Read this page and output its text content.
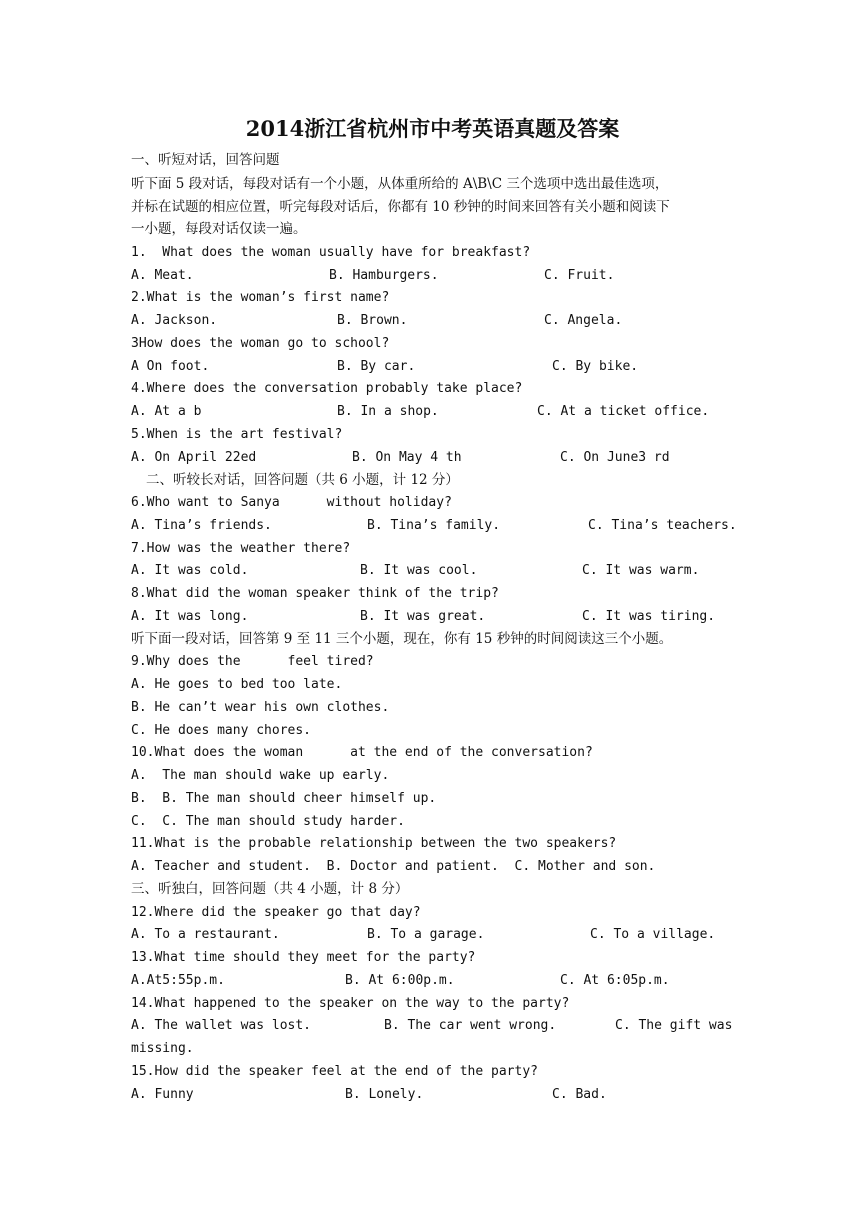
2014浙江省杭州市中考英语真题及答案
一、听短对话，回答问题
听下面 5 段对话，每段对话有一个小题，从体重所给的 A\B\C 三个选项中选出最佳选项，
并标在试题的相应位置，听完每段对话后，你都有 10 秒钟的时间来回答有关小题和阅读下
一小题，每段对话仅读一遍。
1.  What does the woman usually have for breakfast?
A. Meat.	B. Hamburgers.	C. Fruit.
2.What is the woman’s first name?
A. Jackson.	B. Brown.	C. Angela.
3How does the woman go to school?
A On foot.	B. By car.	C. By bike.
4.Where does the conversation probably take place?
A. At a b	B. In a shop.	C. At a ticket office.
5.When is the art festival?
A. On April 22ed	B. On May 4 th	C. On June3 rd
二、听较长对话，回答问题（共 6 小题，计 12 分）
6.Who want to Sanya      without holiday?
A. Tina’s friends.	B. Tina’s family.	C. Tina’s teachers.
7.How was the weather there?
A. It was cold.	B. It was cool.	C. It was warm.
8.What did the woman speaker think of the trip?
A. It was long.	B. It was great.	C. It was tiring.
听下面一段对话，回答第 9 至 11 三个小题，现在，你有 15 秒钟的时间阅读这三个小题。
9.Why does the      feel tired?
A. He goes to bed too late.
B. He can’t wear his own clothes.
C. He does many chores.
10.What does the woman      at the end of the conversation?
A.  The man should wake up early.
B.  B. The man should cheer himself up.
C.  C. The man should study harder.
11.What is the probable relationship between the two speakers?
A. Teacher and student.  B. Doctor and patient.  C. Mother and son.
三、听独白，回答问题（共 4 小题，计 8 分）
12.Where did the speaker go that day?
A. To a restaurant.	B. To a garage.	C. To a village.
13.What time should they meet for the party?
A.At5:55p.m.	B. At 6:00p.m.	C. At 6:05p.m.
14.What happened to the speaker on the way to the party?
A. The wallet was lost.	B. The car went wrong.	C. The gift was
missing.
15.How did the speaker feel at the end of the party?
A. Funny	B. Lonely.	C. Bad.
